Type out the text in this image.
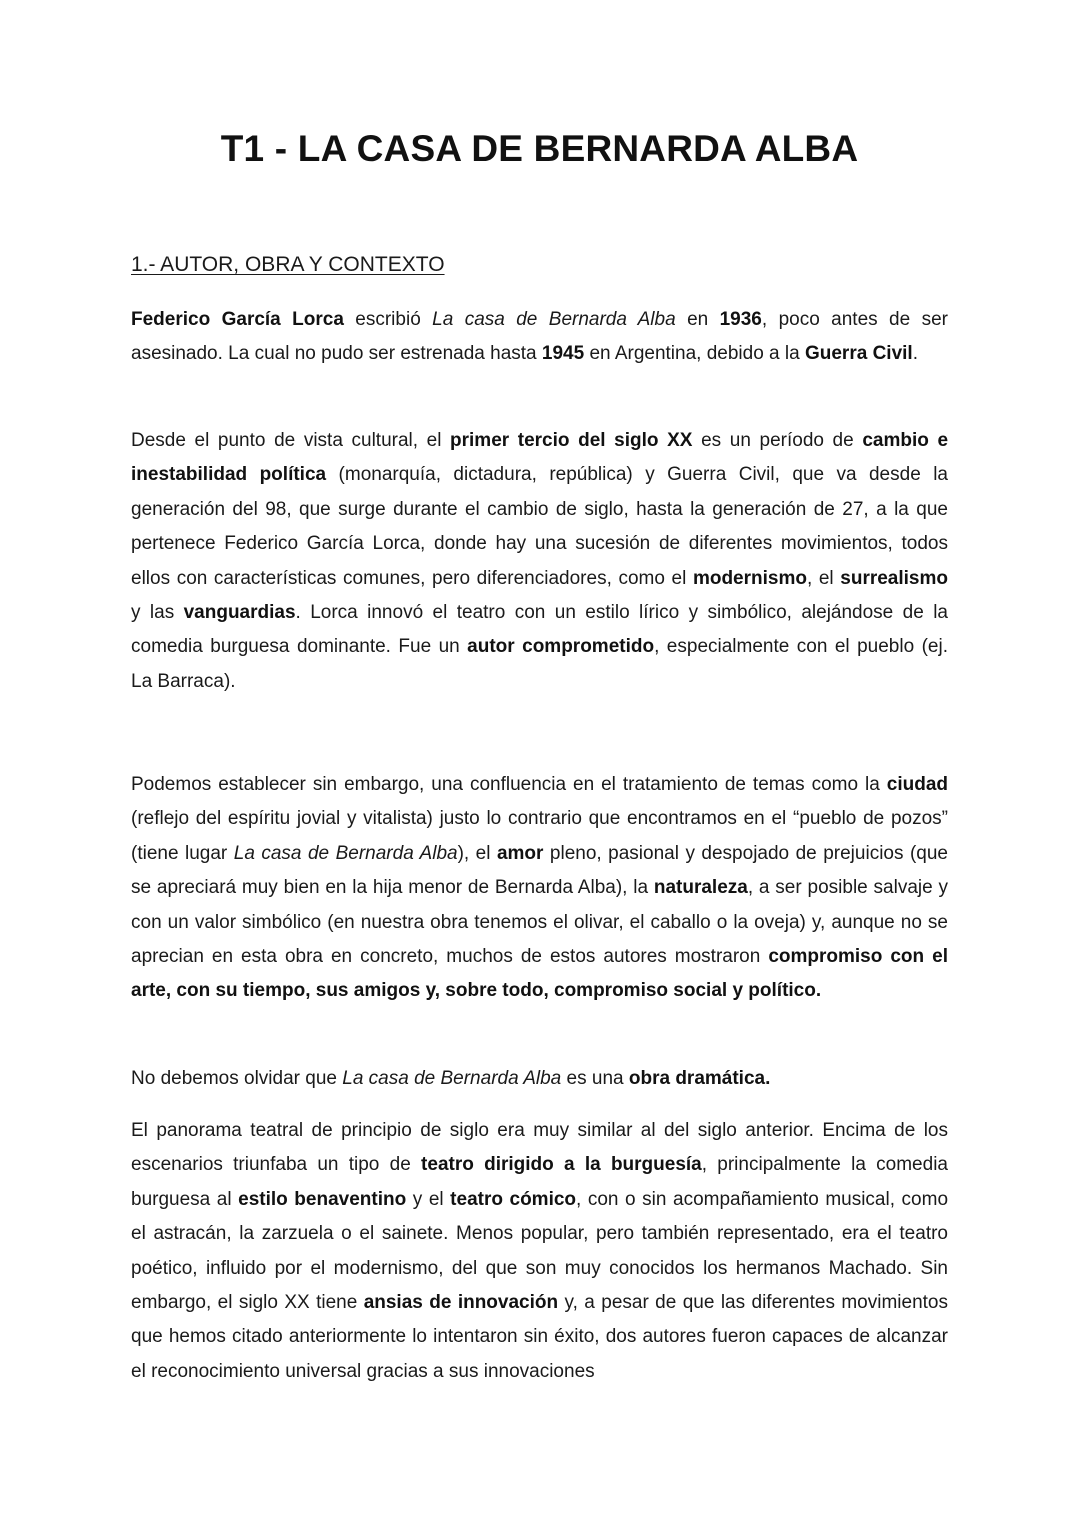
T1 - LA CASA DE BERNARDA ALBA
1.- AUTOR, OBRA Y CONTEXTO

Federico García Lorca escribió La casa de Bernarda Alba en 1936, poco antes de ser asesinado. La cual no pudo ser estrenada hasta 1945 en Argentina, debido a la Guerra Civil.

Desde el punto de vista cultural, el primer tercio del siglo XX es un período de cambio e inestabilidad política (monarquía, dictadura, república) y Guerra Civil, que va desde la generación del 98, que surge durante el cambio de siglo, hasta la generación de 27, a la que pertenece Federico García Lorca, donde hay una sucesión de diferentes movimientos, todos ellos con características comunes, pero diferenciadores, como el modernismo, el surrealismo y las vanguardias. Lorca innovó el teatro con un estilo lírico y simbólico, alejándose de la comedia burguesa dominante. Fue un autor comprometido, especialmente con el pueblo (ej. La Barraca).

Podemos establecer sin embargo, una confluencia en el tratamiento de temas como la ciudad (reflejo del espíritu jovial y vitalista) justo lo contrario que encontramos en el “pueblo de pozos” (tiene lugar La casa de Bernarda Alba), el amor pleno, pasional y despojado de prejuicios (que se apreciará muy bien en la hija menor de Bernarda Alba), la naturaleza, a ser posible salvaje y con un valor simbólico (en nuestra obra tenemos el olivar, el caballo o la oveja) y, aunque no se aprecian en esta obra en concreto, muchos de estos autores mostraron compromiso con el arte, con su tiempo, sus amigos y, sobre todo, compromiso social y político.

No debemos olvidar que La casa de Bernarda Alba es una obra dramática.

El panorama teatral de principio de siglo era muy similar al del siglo anterior. Encima de los escenarios triunfaba un tipo de teatro dirigido a la burguesía, principalmente la comedia burguesa al estilo benaventino y el teatro cómico, con o sin acompañamiento musical, como el astracán, la zarzuela o el sainete. Menos popular, pero también representado, era el teatro poético, influido por el modernismo, del que son muy conocidos los hermanos Machado. Sin embargo, el siglo XX tiene ansias de innovación y, a pesar de que las diferentes movimientos que hemos citado anteriormente lo intentaron sin éxito, dos autores fueron capaces de alcanzar el reconocimiento universal gracias a sus innovaciones
